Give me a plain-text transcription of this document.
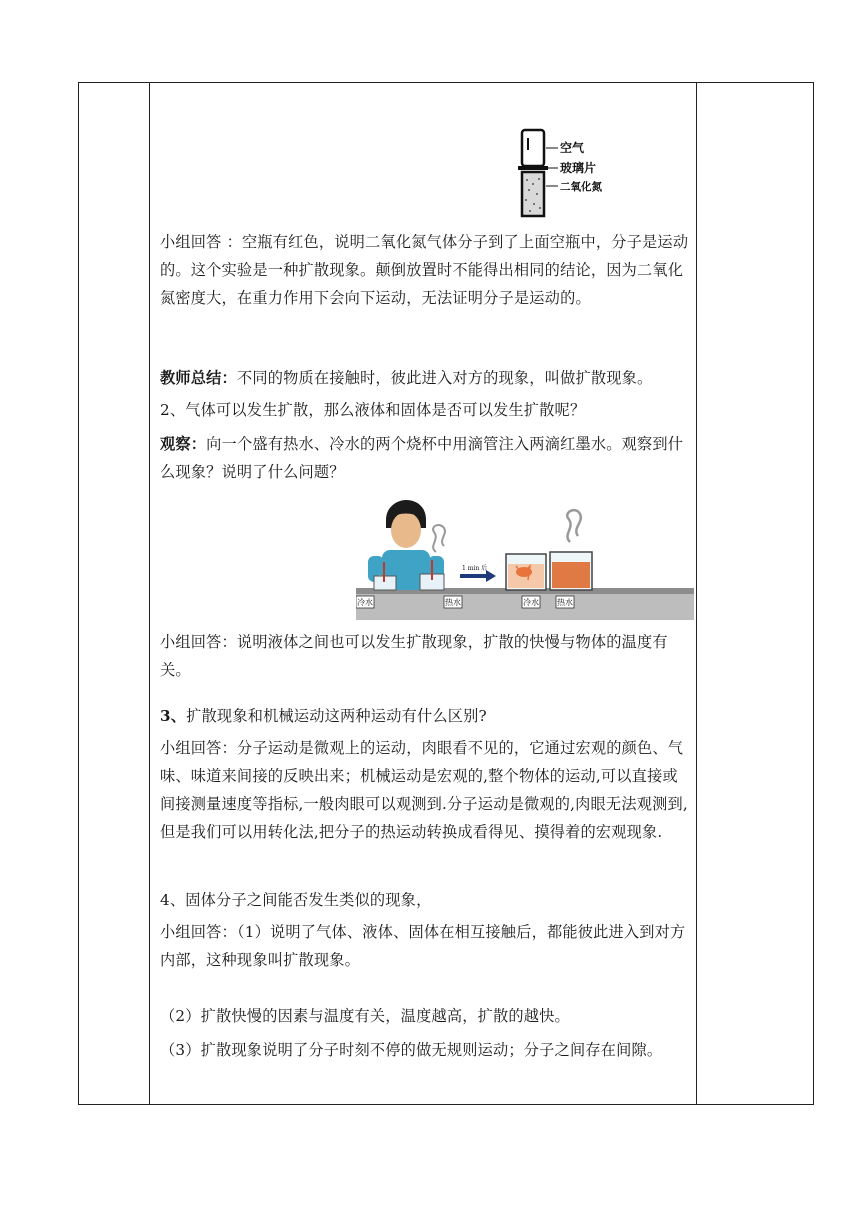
空气
玻璃片
二氧化氮
小组回答 ：空瓶有红色，说明二氧化氮气体分子到了上面空瓶中，分子是运动的。这个实验是一种扩散现象。颠倒放置时不能得出相同的结论，因为二氧化氮密度大，在重力作用下会向下运动，无法证明分子是运动的。
教师总结：不同的物质在接触时，彼此进入对方的现象，叫做扩散现象。
2、气体可以发生扩散，那么液体和固体是否可以发生扩散呢？
观察：向一个盛有热水、冷水的两个烧杯中用滴管注入两滴红墨水。观察到什么现象？说明了什么问题？
小组回答：说明液体之间也可以发生扩散现象，扩散的快慢与物体的温度有关。
3、扩散现象和机械运动这两种运动有什么区别?
小组回答：分子运动是微观上的运动，肉眼看不见的，它通过宏观的颜色、气味、味道来间接的反映出来；机械运动是宏观的,整个物体的运动,可以直接或间接测量速度等指标,一般肉眼可以观测到.分子运动是微观的,肉眼无法观测到,但是我们可以用转化法,把分子的热运动转换成看得见、摸得着的宏观现象.
4、固体分子之间能否发生类似的现象，
小组回答：（1）说明了气体、液体、固体在相互接触后，都能彼此进入到对方内部，这种现象叫扩散现象。
（2）扩散快慢的因素与温度有关，温度越高，扩散的越快。
（3）扩散现象说明了分子时刻不停的做无规则运动；分子之间存在间隙。
冷水	热水
1 min 后
冷水 热水
